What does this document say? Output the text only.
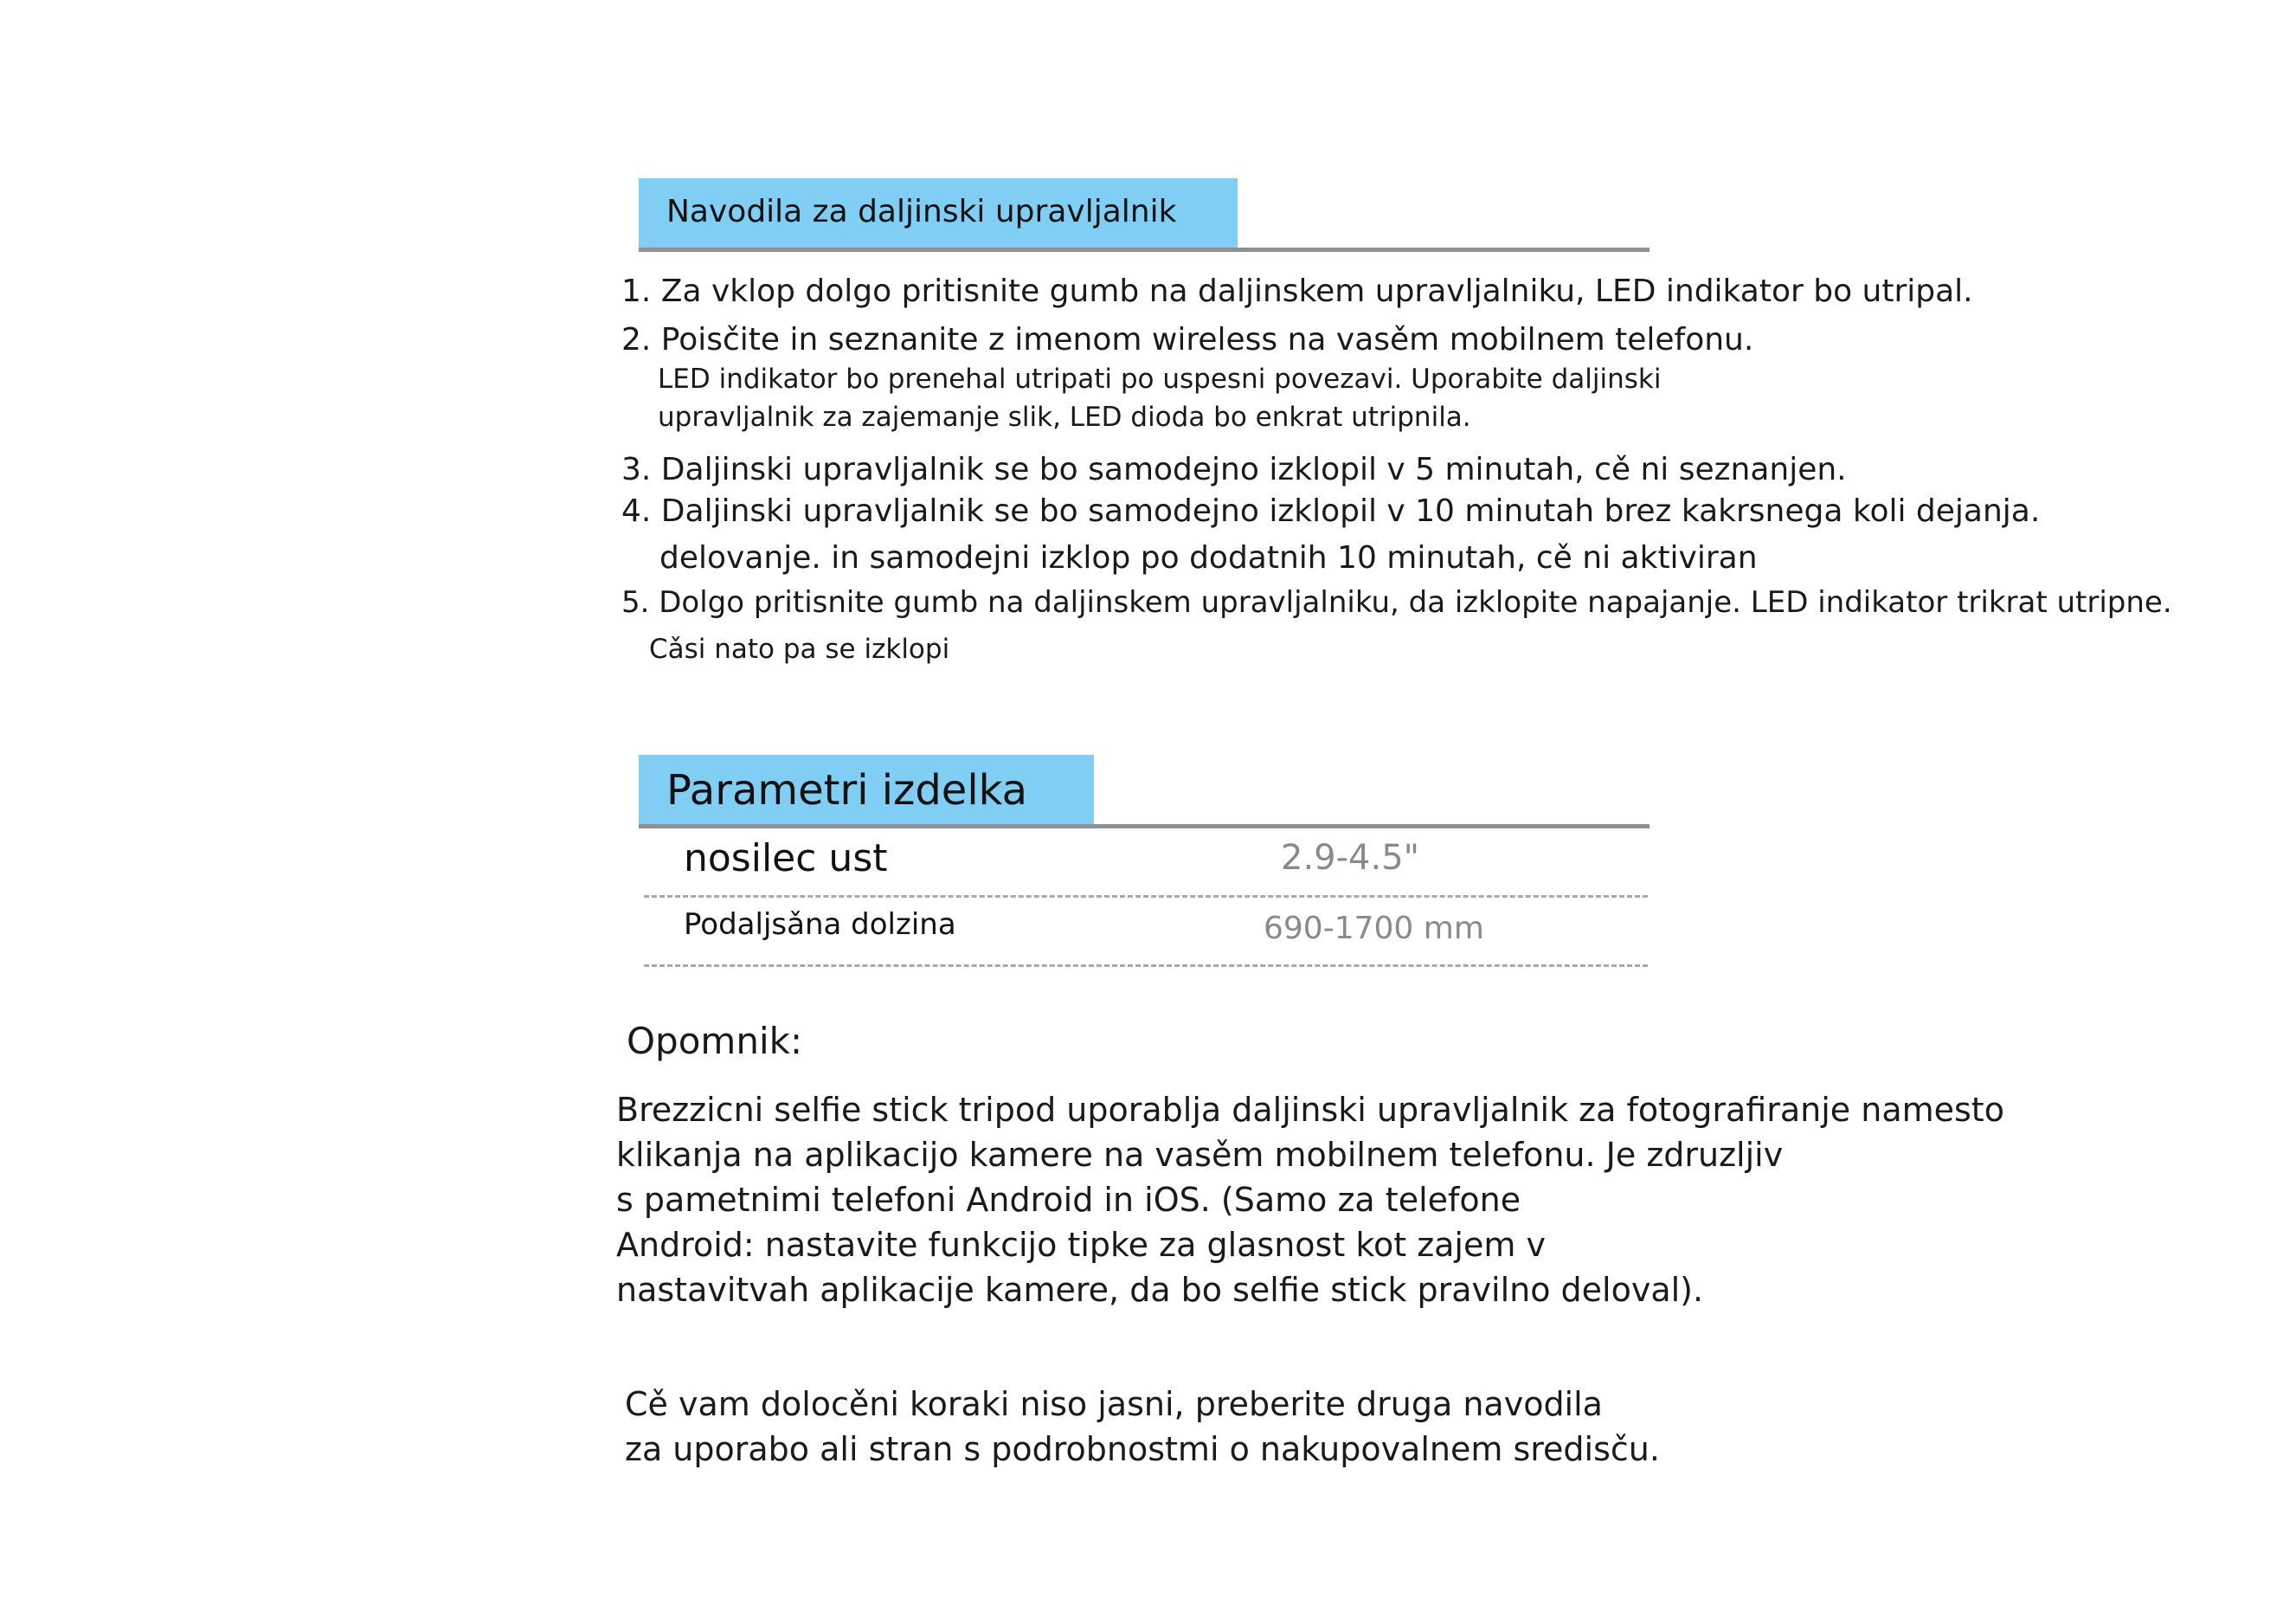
Navodila za daljinski upravljalnik
1. Za vklop dolgo pritisnite gumb na daljinskem upravljalniku, LED indikator bo utripal.
2. Poisčite in seznanite z imenom wireless na vasěm mobilnem telefonu.
LED indikator bo prenehal utripati po uspesni povezavi. Uporabite daljinski
upravljalnik za zajemanje slik, LED dioda bo enkrat utripnila.
3. Daljinski upravljalnik se bo samodejno izklopil v 5 minutah, cě ni seznanjen.
4. Daljinski upravljalnik se bo samodejno izklopil v 10 minutah brez kakrsnega koli dejanja.
delovanje. in samodejni izklop po dodatnih 10 minutah, cě ni aktiviran
5. Dolgo pritisnite gumb na daljinskem upravljalniku, da izklopite napajanje. LED indikator trikrat utripne.
Cǎsi nato pa se izklopi
Parametri izdelka
nosilec ust	2.9-4.5"
Podaljsǎna dolzina	690-1700 mm
Opomnik:
Brezzicni selfie stick tripod uporablja daljinski upravljalnik za fotografiranje namesto
klikanja na aplikacijo kamere na vasěm mobilnem telefonu. Je zdruzljiv
s pametnimi telefoni Android in iOS. (Samo za telefone
Android: nastavite funkcijo tipke za glasnost kot zajem v
nastavitvah aplikacije kamere, da bo selfie stick pravilno deloval).
Cě vam dolocěni koraki niso jasni, preberite druga navodila
za uporabo ali stran s podrobnostmi o nakupovalnem sredisču.
